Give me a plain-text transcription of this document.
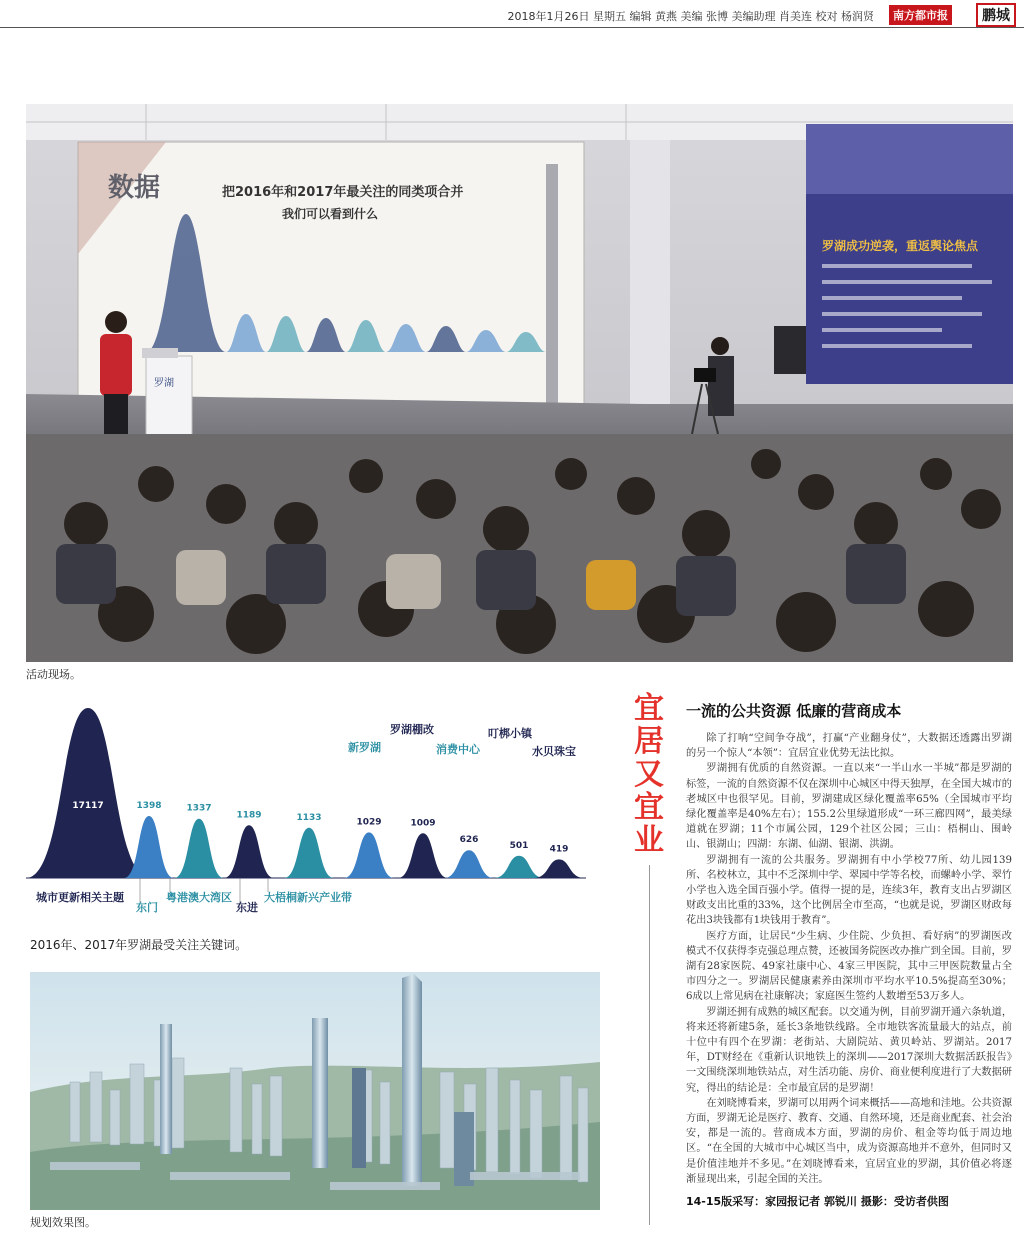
2018年1月26日 星期五 编辑 黄燕 美编 张博 美编助理 肖美连 校对 杨润贤	南方都市报	鹏城
数据	把2016年和2017年最关注的同类项合并
我们可以看到什么
罗湖成功逆袭，重返舆论焦点
罗湖
活动现场。
17117
城市更新相关主题
1398
东门
1337
粤港澳大湾区
1189
东进
1133
大梧桐新兴产业带
1029
新罗湖
1009
罗湖棚改
626
消费中心
501
叮梆小镇
419
水贝珠宝
2016年、2017年罗湖最受关注关键词。
规划效果图。
宜
居
又
宜
业
一流的公共资源 低廉的营商成本

除了打响“空间争夺战”，打赢“产业翻身仗”，大数据还透露出罗湖的另一个惊人“本领”：宜居宜业优势无法比拟。

罗湖拥有优质的自然资源。一直以来“一半山水一半城”都是罗湖的标签，一流的自然资源不仅在深圳中心城区中得天独厚，在全国大城市的老城区中也很罕见。目前，罗湖建成区绿化覆盖率65%（全国城市平均绿化覆盖率是40%左右）；155.2公里绿道形成“一环三廊四网”，最美绿道就在罗湖；11个市属公园，129个社区公园；三山：梧桐山、围岭山、银湖山；四湖：东湖、仙湖、银湖、洪湖。

罗湖拥有一流的公共服务。罗湖拥有中小学校77所、幼儿园139所、名校林立，其中不乏深圳中学、翠园中学等名校，而螺岭小学、翠竹小学也入选全国百强小学。值得一提的是，连续3年，教育支出占罗湖区财政支出比重的33%，这个比例居全市至高，“也就是说，罗湖区财政每花出3块钱都有1块钱用于教育”。

医疗方面，让居民“少生病、少住院、少负担、看好病”的罗湖医改模式不仅获得李克强总理点赞，还被国务院医改办推广到全国。目前，罗湖有28家医院、49家社康中心、4家三甲医院，其中三甲医院数量占全市四分之一。罗湖居民健康素养由深圳市平均水平10.5%提高至30%；6成以上常见病在社康解决；家庭医生签约人数增至53万多人。

罗湖还拥有成熟的城区配套。以交通为例，目前罗湖开通六条轨道，将来还将新建5条，延长3条地铁线路。全市地铁客流量最大的站点，前十位中有四个在罗湖：老街站、大剧院站、黄贝岭站、罗湖站。2017年，DT财经在《重新认识地铁上的深圳——2017深圳大数据活跃报告》一文围绕深圳地铁站点，对生活功能、房价、商业便利度进行了大数据研究，得出的结论是：全市最宜居的是罗湖！

在刘晓博看来，罗湖可以用两个词来概括——高地和洼地。公共资源方面，罗湖无论是医疗、教育、交通、自然环境，还是商业配套、社会治安，都是一流的。营商成本方面，罗湖的房价、租金等均低于周边地区。“在全国的大城市中心城区当中，成为资源高地并不意外，但同时又是价值洼地并不多见。”在刘晓博看来，宜居宜业的罗湖，其价值必将逐渐显现出来，引起全国的关注。

14-15版采写：家园报记者 郭锐川 摄影：受访者供图
